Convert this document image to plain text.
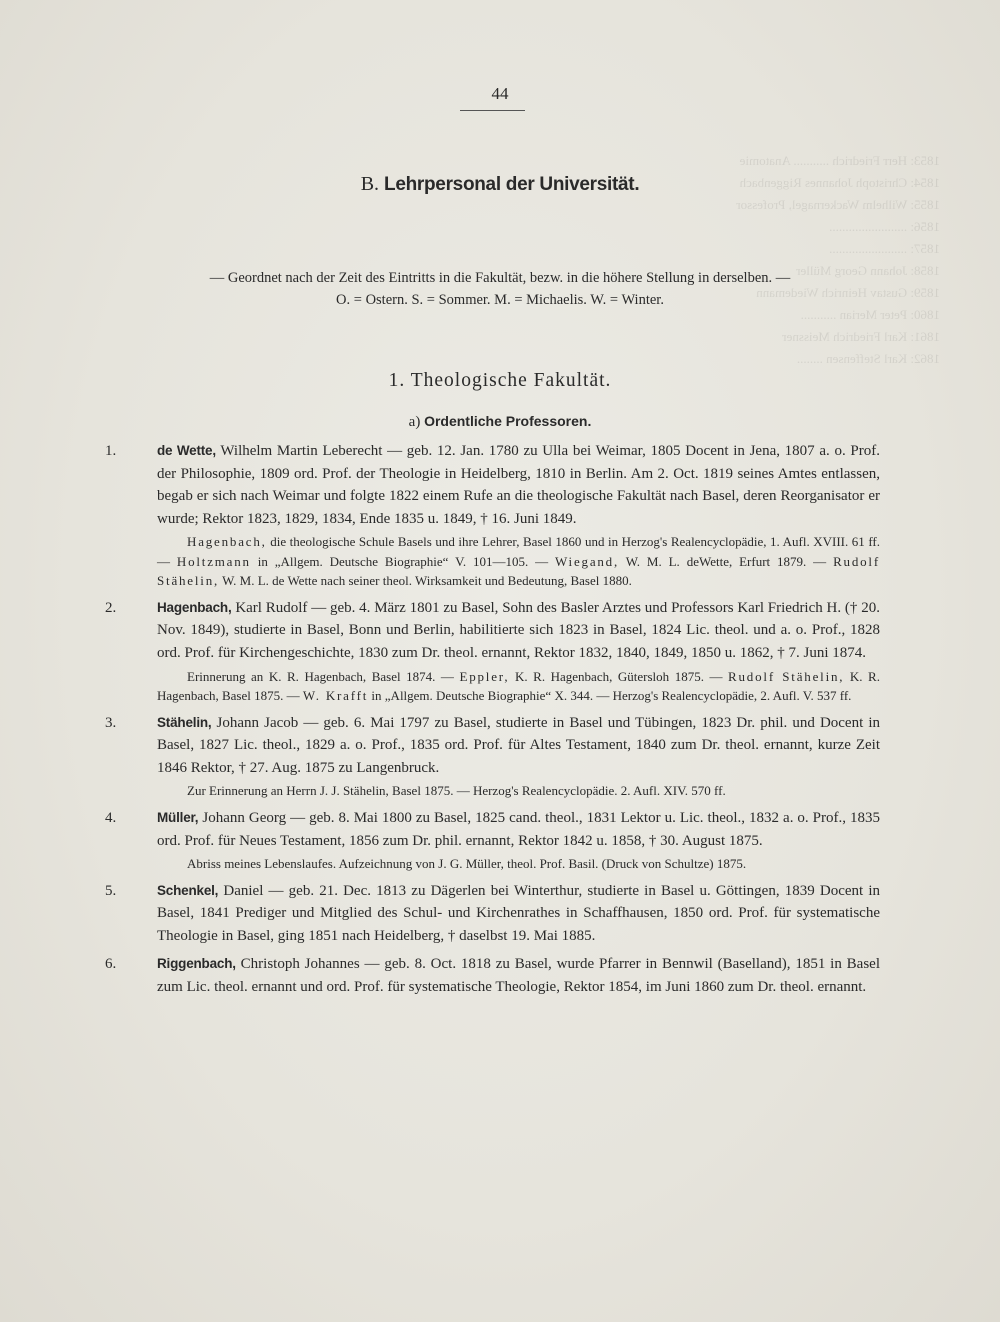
1853: Herr Friedrich ........... Anatomie
1854: Christoph Johannes Riggenbach
1855: Wilhelm Wackernagel, Professor
1856: ........................
1857: ........................
1858: Johann Georg Müller
1859: Gustav Heinrich Wiedemann
1860: Peter Merian ...........
1861: Karl Friedrich Meissner
1862: Karl Steffensen ........
44
B. Lehrpersonal der Universität.
— Geordnet nach der Zeit des Eintritts in die Fakultät, bezw. in die höhere Stellung in derselben. —
O. = Ostern. S. = Sommer. M. = Michaelis. W. = Winter.
1. Theologische Fakultät.
a) Ordentliche Professoren.
1.	de Wette, Wilhelm Martin Leberecht — geb. 12. Jan. 1780 zu Ulla bei Weimar, 1805 Docent in Jena, 1807 a. o. Prof. der Philosophie, 1809 ord. Prof. der Theologie in Heidelberg, 1810 in Berlin. Am 2. Oct. 1819 seines Amtes entlassen, begab er sich nach Weimar und folgte 1822 einem Rufe an die theologische Fakultät nach Basel, deren Reorganisator er wurde; Rektor 1823, 1829, 1834, Ende 1835 u. 1849, † 16. Juni 1849.
Hagenbach, die theologische Schule Basels und ihre Lehrer, Basel 1860 und in Herzog's Realencyclopädie, 1. Aufl. XVIII. 61 ff. — Holtzmann in „Allgem. Deutsche Biographie“ V. 101—105. — Wiegand, W. M. L. deWette, Erfurt 1879. — Rudolf Stähelin, W. M. L. de Wette nach seiner theol. Wirksamkeit und Bedeutung, Basel 1880.
2.	Hagenbach, Karl Rudolf — geb. 4. März 1801 zu Basel, Sohn des Basler Arztes und Professors Karl Friedrich H. († 20. Nov. 1849), studierte in Basel, Bonn und Berlin, habilitierte sich 1823 in Basel, 1824 Lic. theol. und a. o. Prof., 1828 ord. Prof. für Kirchengeschichte, 1830 zum Dr. theol. ernannt, Rektor 1832, 1840, 1849, 1850 u. 1862, † 7. Juni 1874.
Erinnerung an K. R. Hagenbach, Basel 1874. — Eppler, K. R. Hagenbach, Gütersloh 1875. — Rudolf Stähelin, K. R. Hagenbach, Basel 1875. — W. Krafft in „Allgem. Deutsche Biographie“ X. 344. — Herzog's Realencyclopädie, 2. Aufl. V. 537 ff.
3.	Stähelin, Johann Jacob — geb. 6. Mai 1797 zu Basel, studierte in Basel und Tübingen, 1823 Dr. phil. und Docent in Basel, 1827 Lic. theol., 1829 a. o. Prof., 1835 ord. Prof. für Altes Testament, 1840 zum Dr. theol. ernannt, kurze Zeit 1846 Rektor, † 27. Aug. 1875 zu Langenbruck.
Zur Erinnerung an Herrn J. J. Stähelin, Basel 1875. — Herzog's Realencyclopädie. 2. Aufl. XIV. 570 ff.
4.	Müller, Johann Georg — geb. 8. Mai 1800 zu Basel, 1825 cand. theol., 1831 Lektor u. Lic. theol., 1832 a. o. Prof., 1835 ord. Prof. für Neues Testament, 1856 zum Dr. phil. ernannt, Rektor 1842 u. 1858, † 30. August 1875.
Abriss meines Lebenslaufes. Aufzeichnung von J. G. Müller, theol. Prof. Basil. (Druck von Schultze) 1875.
5.	Schenkel, Daniel — geb. 21. Dec. 1813 zu Dägerlen bei Winterthur, studierte in Basel u. Göttingen, 1839 Docent in Basel, 1841 Prediger und Mitglied des Schul- und Kirchenrathes in Schaffhausen, 1850 ord. Prof. für systematische Theologie in Basel, ging 1851 nach Heidelberg, † daselbst 19. Mai 1885.
6.	Riggenbach, Christoph Johannes — geb. 8. Oct. 1818 zu Basel, wurde Pfarrer in Bennwil (Baselland), 1851 in Basel zum Lic. theol. ernannt und ord. Prof. für systematische Theologie, Rektor 1854, im Juni 1860 zum Dr. theol. ernannt.
